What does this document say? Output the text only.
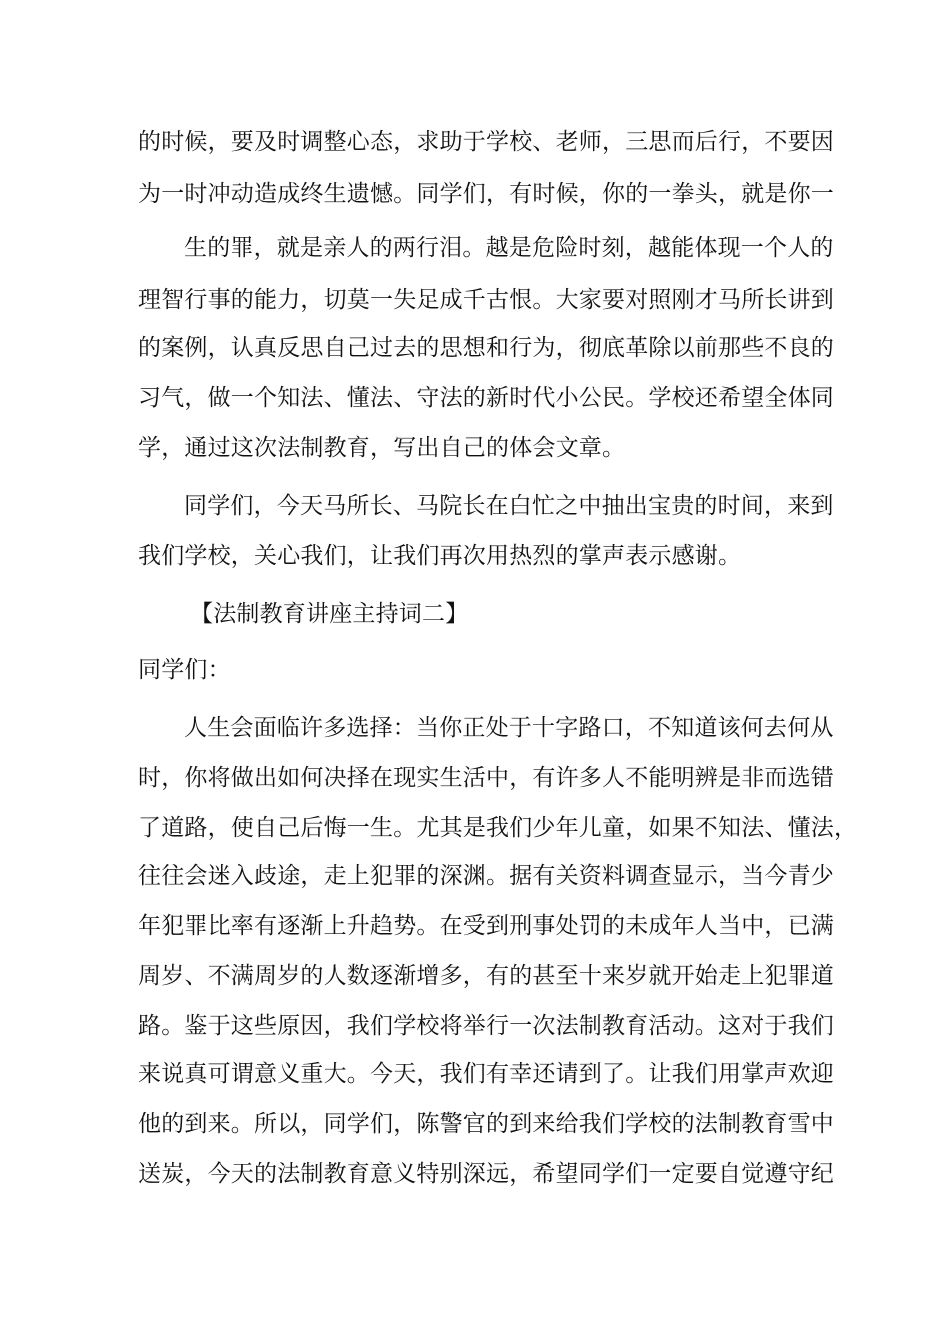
的时候，要及时调整心态，求助于学校、老师，三思而后行，不要因
为一时冲动造成终生遗憾。同学们，有时候，你的一拳头，就是你一
生的罪，就是亲人的两行泪。越是危险时刻，越能体现一个人的
理智行事的能力，切莫一失足成千古恨。大家要对照刚才马所长讲到
的案例，认真反思自己过去的思想和行为，彻底革除以前那些不良的
习气，做一个知法、懂法、守法的新时代小公民。学校还希望全体同
学，通过这次法制教育，写出自己的体会文章。
同学们，今天马所长、马院长在白忙之中抽出宝贵的时间，来到
我们学校，关心我们，让我们再次用热烈的掌声表示感谢。
【法制教育讲座主持词二】
同学们：
人生会面临许多选择：当你正处于十字路口，不知道该何去何从
时，你将做出如何决择在现实生活中，有许多人不能明辨是非而选错
了道路，使自己后悔一生。尤其是我们少年儿童，如果不知法、懂法，
往往会迷入歧途，走上犯罪的深渊。据有关资料调查显示，当今青少
年犯罪比率有逐渐上升趋势。在受到刑事处罚的未成年人当中，已满
周岁、不满周岁的人数逐渐增多，有的甚至十来岁就开始走上犯罪道
路。鉴于这些原因，我们学校将举行一次法制教育活动。这对于我们
来说真可谓意义重大。今天，我们有幸还请到了。让我们用掌声欢迎
他的到来。所以，同学们，陈警官的到来给我们学校的法制教育雪中
送炭，今天的法制教育意义特别深远，希望同学们一定要自觉遵守纪
